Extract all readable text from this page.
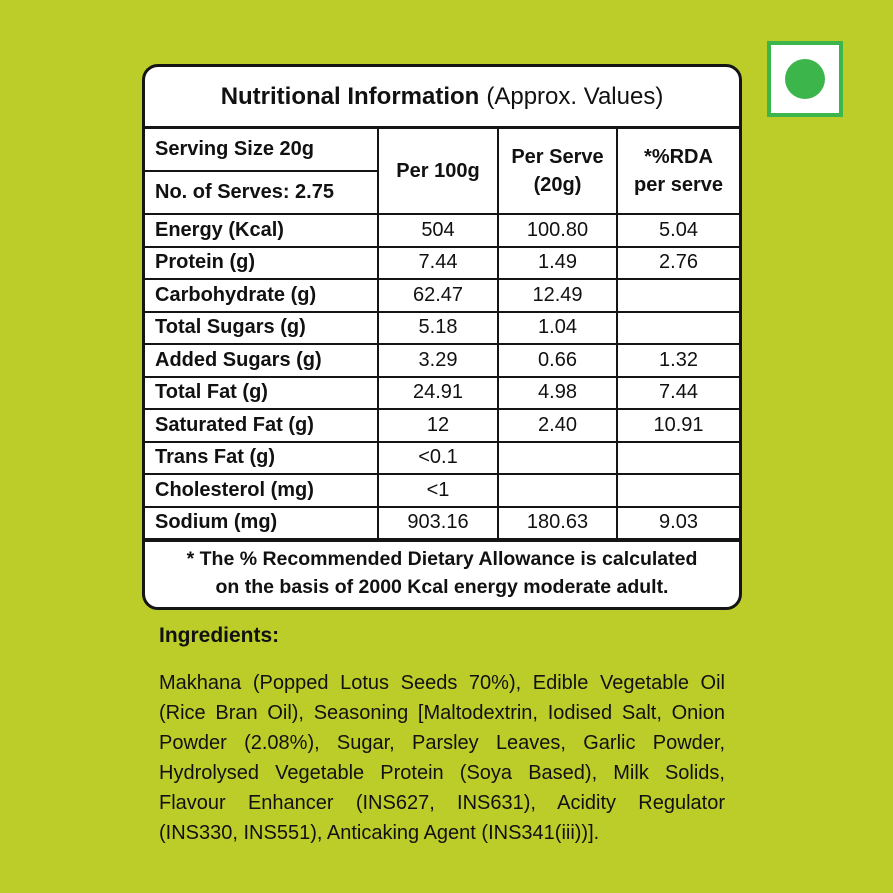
Nutritional Information (Approx. Values)
Serving Size 20g	Per 100g	Per Serve (20g)	*%RDA per serve
No. of Serves: 2.75			
Energy (Kcal)	504	100.80	5.04
Protein (g)	7.44	1.49	2.76
Carbohydrate (g)	62.47	12.49	
Total Sugars (g)	5.18	1.04	
Added Sugars (g)	3.29	0.66	1.32
Total Fat (g)	24.91	4.98	7.44
Saturated Fat (g)	12	2.40	10.91
Trans Fat (g)	<0.1		
Cholesterol (mg)	<1		
Sodium (mg)	903.16	180.63	9.03
* The % Recommended Dietary Allowance is calculated
on the basis of 2000 Kcal energy moderate adult.
Ingredients:
Makhana (Popped Lotus Seeds 70%), Edible Vegetable Oil (Rice Bran Oil), Seasoning [Maltodextrin, Iodised Salt, Onion Powder (2.08%), Sugar, Parsley Leaves, Garlic Powder, Hydrolysed Vegetable Protein (Soya Based), Milk Solids, Flavour Enhancer (INS627, INS631), Acidity Regulator (INS330, INS551), Anticaking Agent (INS341(iii))].
